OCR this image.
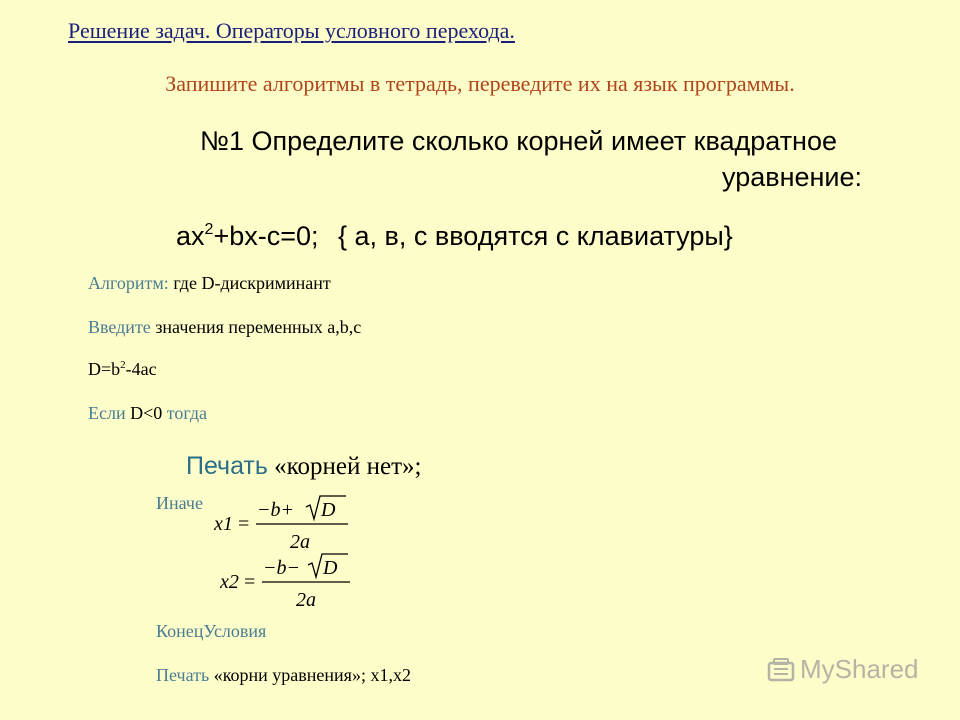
Решение задач. Операторы условного перехода.
Запишите алгоритмы в тетрадь, переведите их на язык программы.
№1 Определите сколько корней имеет квадратное
уравнение:
$ax^2+bx-c=0$; { а, в, с вводятся с клавиатуры}
Алгоритм: где D-дискриминант
Введите значения переменных a,b,c
$D=b^2-4ac$
Если D<0 тогда
Печать «корней нет»;
Иначе
x1 =
−b+ D
2a
x2 =
−b− D
2a
КонецУсловия
Печать «корни уравнения»; x1,x2	MyShared
